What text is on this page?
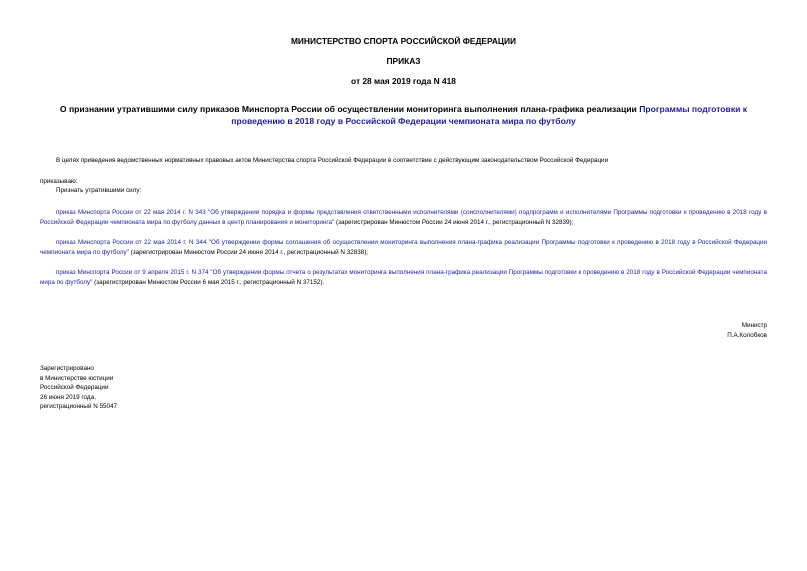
МИНИСТЕРСТВО СПОРТА РОССИЙСКОЙ ФЕДЕРАЦИИ
ПРИКАЗ
от 28 мая 2019 года N 418
О признании утратившими силу приказов Минспорта России об осуществлении мониторинга выполнения плана-графика реализации Программы подготовки к проведению в 2018 году в Российской Федерации чемпионата мира по футболу
В целях приведения ведомственных нормативных правовых актов Министерства спорта Российской Федерации в соответствие с действующим законодательством Российской Федерации
приказываю:
Признать утратившими силу:
приказ Минспорта России от 22 мая 2014 г. N 343 "Об утверждении порядка и формы представления ответственными исполнителями (соисполнителями) подпрограмм и исполнителями Программы подготовки к проведению в 2018 году в Российской Федерации чемпионата мира по футболу данных в центр планирования и мониторинга" (зарегистрирован Минюстом России 24 июня 2014 г., регистрационный N 32839);
приказ Минспорта России от 22 мая 2014 г. N 344 "Об утверждении формы соглашения об осуществлении мониторинга выполнения плана-графика реализации Программы подготовки к проведению в 2018 году в Российской Федерации чемпионата мира по футболу" (зарегистрирован Минюстом России 24 июня 2014 г., регистрационный N 32838);
приказ Минспорта России от 9 апреля 2015 г. N 374 "Об утверждении формы отчета о результатах мониторинга выполнения плана-графика реализации Программы подготовки к проведению в 2018 году в Российской Федерации чемпионата мира по футболу" (зарегистрирован Минюстом России 6 мая 2015 г., регистрационный N 37152).
Министр
П.А.Колобков
Зарегистрировано
в Министерстве юстиции
Российской Федерации
26 июня 2019 года,
регистрационный N 55047
